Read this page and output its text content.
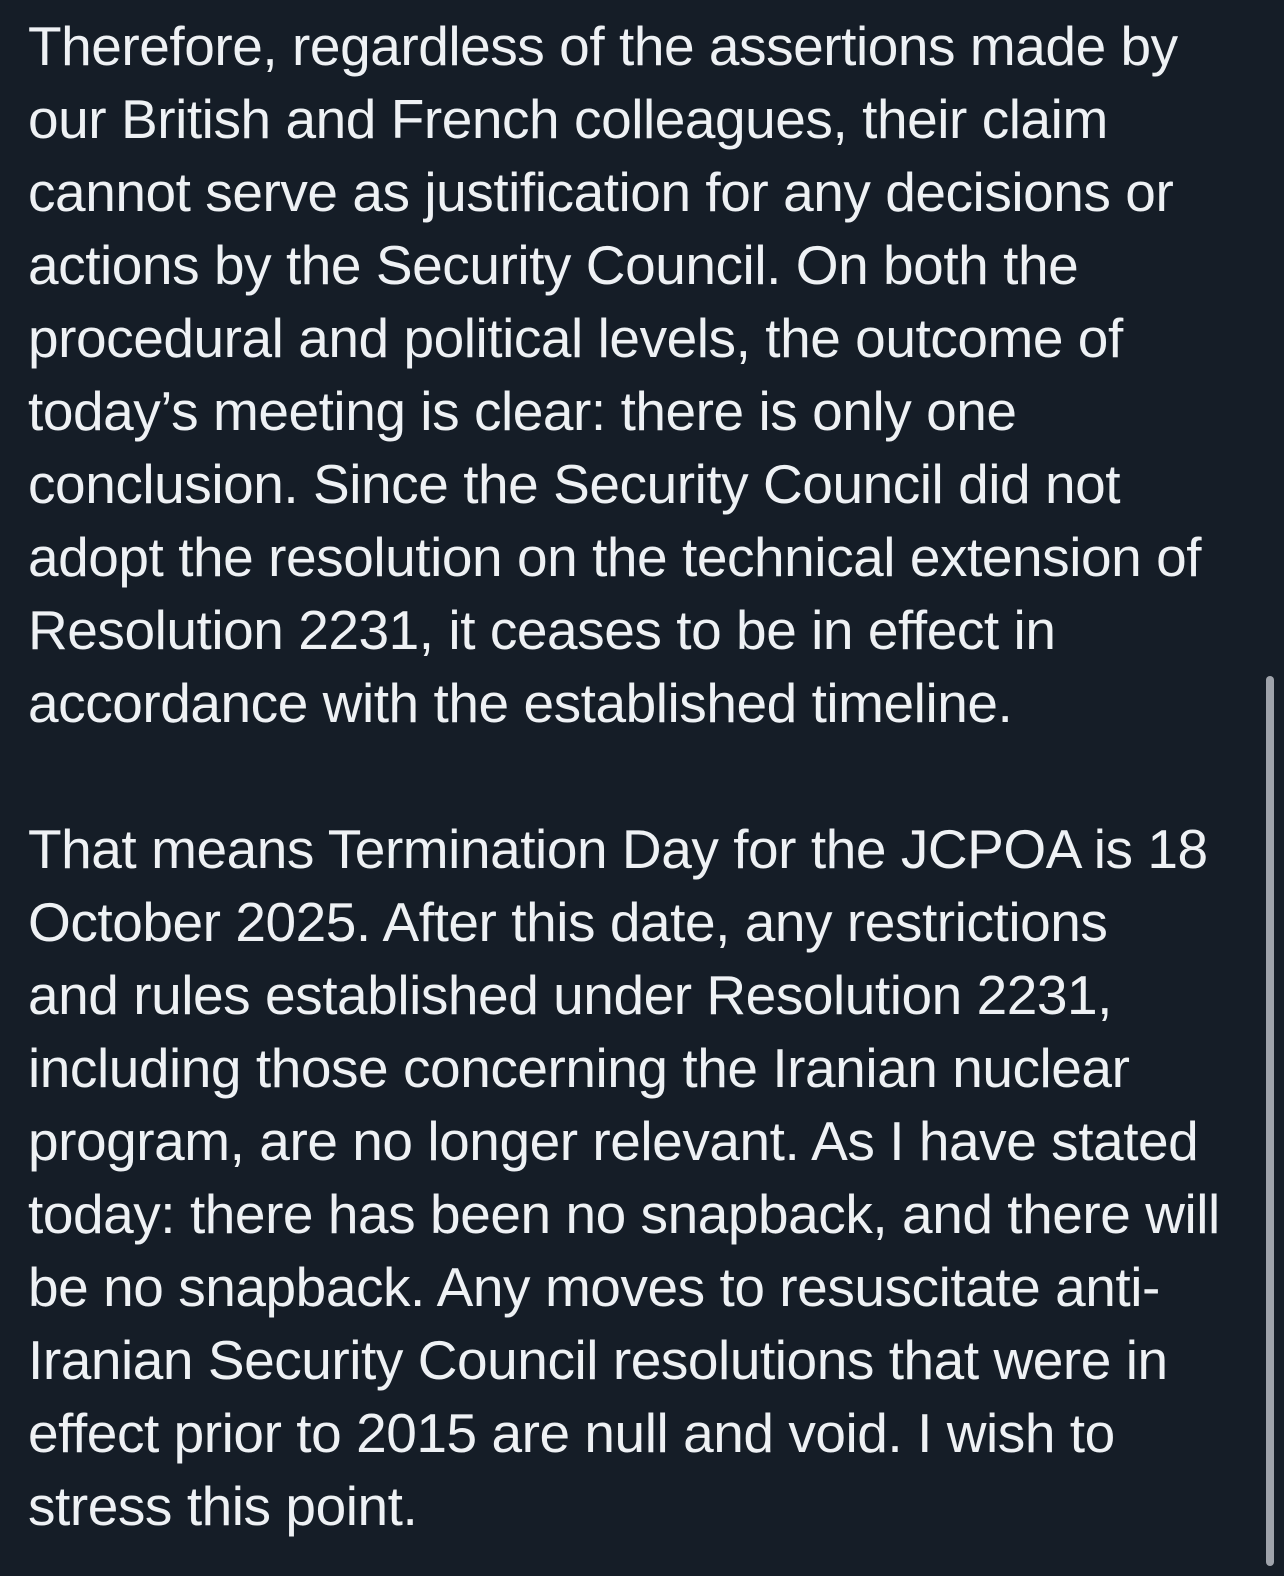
Therefore, regardless of the assertions made by
our British and French colleagues, their claim
cannot serve as justification for any decisions or
actions by the Security Council. On both the
procedural and political levels, the outcome of
today’s meeting is clear: there is only one
conclusion. Since the Security Council did not
adopt the resolution on the technical extension of
Resolution 2231, it ceases to be in effect in
accordance with the established timeline.

That means Termination Day for the JCPOA is 18
October 2025. After this date, any restrictions
and rules established under Resolution 2231,
including those concerning the Iranian nuclear
program, are no longer relevant. As I have stated
today: there has been no snapback, and there will
be no snapback. Any moves to resuscitate anti-
Iranian Security Council resolutions that were in
effect prior to 2015 are null and void. I wish to
stress this point.
